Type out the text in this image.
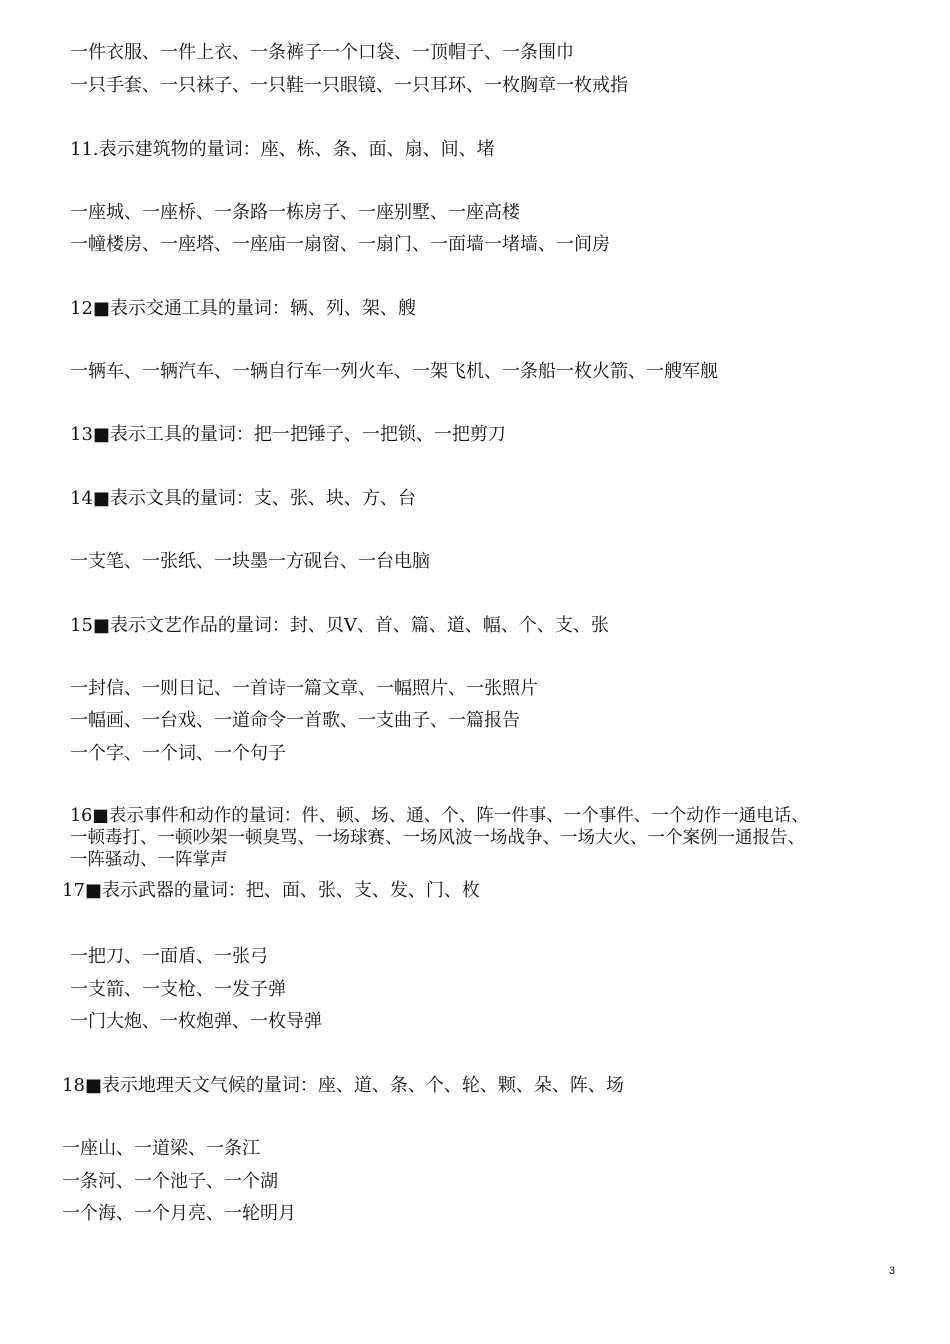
一件衣服、一件上衣、一条裤子一个口袋、一顶帽子、一条围巾

一只手套、一只袜子、一只鞋一只眼镜、一只耳环、一枚胸章一枚戒指

11.表示建筑物的量词：座、栋、条、面、扇、间、堵

一座城、一座桥、一条路一栋房子、一座别墅、一座高楼

一幢楼房、一座塔、一座庙一扇窗、一扇门、一面墙一堵墙、一间房

12■表示交通工具的量词：辆、列、架、艘

一辆车、一辆汽车、一辆自行车一列火车、一架飞机、一条船一枚火箭、一艘军舰

13■表示工具的量词：把一把锤子、一把锁、一把剪刀

14■表示文具的量词：支、张、块、方、台

一支笔、一张纸、一块墨一方砚台、一台电脑

15■表示文艺作品的量词：封、贝V、首、篇、道、幅、个、支、张

一封信、一则日记、一首诗一篇文章、一幅照片、一张照片

一幅画、一台戏、一道命令一首歌、一支曲子、一篇报告

一个字、一个词、一个句子

16■表示事件和动作的量词：件、顿、场、通、个、阵一件事、一个事件、一个动作一通电话、

一顿毒打、一顿吵架一顿臭骂、一场球赛、一场风波一场战争、一场大火、一个案例一通报告、

一阵骚动、一阵掌声

17■表示武器的量词：把、面、张、支、发、门、枚

一把刀、一面盾、一张弓

一支箭、一支枪、一发子弹

一门大炮、一枚炮弹、一枚导弹

18■表示地理天文气候的量词：座、道、条、个、轮、颗、朵、阵、场

一座山、一道梁、一条江

一条河、一个池子、一个湖

一个海、一个月亮、一轮明月

3
